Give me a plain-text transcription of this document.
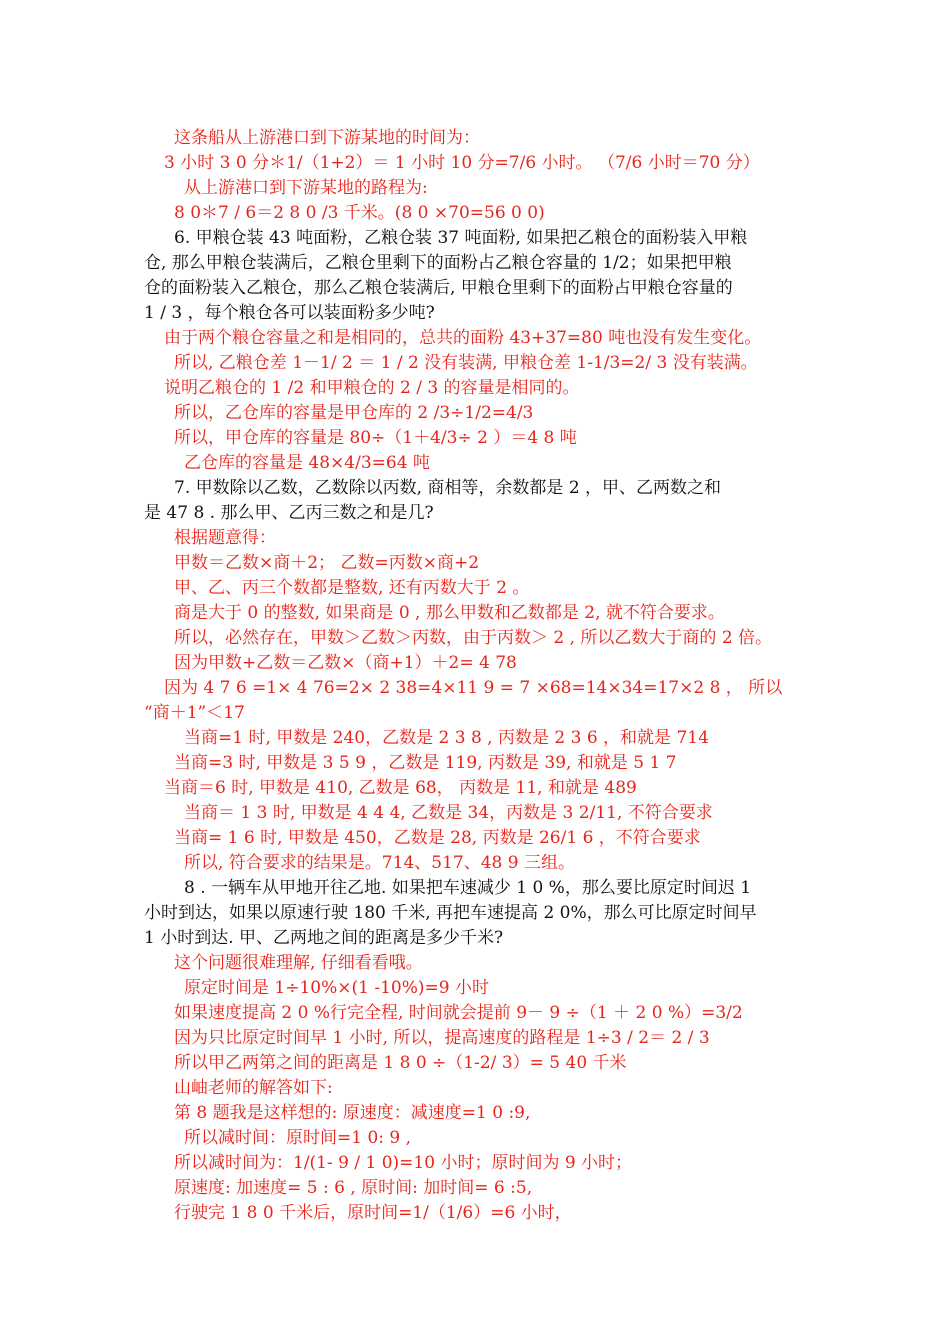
这条船从上游港口到下游某地的时间为：
3 小时 3 0 分＊1/（1+2）＝ 1 小时 10 分=7/6 小时。 （7/6 小时＝70 分）
从上游港口到下游某地的路程为:
8 0＊7 / 6＝2 8 0 /3 千米。(8 0 ×70=56 0 0)
6. 甲粮仓装 43 吨面粉，乙粮仓装 37 吨面粉, 如果把乙粮仓的面粉装入甲粮
仓, 那么甲粮仓装满后，乙粮仓里剩下的面粉占乙粮仓容量的 1/2；如果把甲粮
仓的面粉装入乙粮仓，那么乙粮仓装满后, 甲粮仓里剩下的面粉占甲粮仓容量的
1 / 3 ，每个粮仓各可以装面粉多少吨?
由于两个粮仓容量之和是相同的，总共的面粉 43+37=80 吨也没有发生变化。
所以, 乙粮仓差 1－1/ 2 ＝ 1 / 2 没有装满, 甲粮仓差 1-1/3=2/ 3 没有装满。
说明乙粮仓的 1 /2 和甲粮仓的 2 / 3 的容量是相同的。
所以，乙仓库的容量是甲仓库的 2 /3÷1/2=4/3
所以，甲仓库的容量是 80÷（1＋4/3÷ 2 ）＝4 8 吨
乙仓库的容量是 48×4/3=64 吨
7. 甲数除以乙数，乙数除以丙数, 商相等，余数都是 2 ，甲、乙两数之和
是 47 8 . 那么甲、乙丙三数之和是几?
根据题意得：
甲数＝乙数×商＋2； 乙数=丙数×商+2
甲、乙、丙三个数都是整数, 还有丙数大于 2 。
商是大于 0 的整数, 如果商是 0 , 那么甲数和乙数都是 2, 就不符合要求。
所以，必然存在，甲数＞乙数＞丙数，由于丙数＞ 2 , 所以乙数大于商的 2 倍。
因为甲数+乙数＝乙数×（商+1）＋2= 4 78
因为 4 7 6 =1× 4 76=2× 2 38=4×11 9 = 7 ×68=14×34=17×2 8 ， 所以
“商＋1”＜17
当商=1 时, 甲数是 240，乙数是 2 3 8 , 丙数是 2 3 6 ，和就是 714
当商=3 时, 甲数是 3 5 9 ，乙数是 119, 丙数是 39, 和就是 5 1 7
当商＝6 时, 甲数是 410, 乙数是 68， 丙数是 11, 和就是 489
当商＝ 1 3 时, 甲数是 4 4 4, 乙数是 34，丙数是 3 2/11, 不符合要求
当商= 1 6 时, 甲数是 450，乙数是 28, 丙数是 26/1 6 ，不符合要求
所以, 符合要求的结果是。714、517、48 9 三组。
8 . 一辆车从甲地开往乙地. 如果把车速减少 1 0 %，那么要比原定时间迟 1
小时到达，如果以原速行驶 180 千米, 再把车速提高 2 0%，那么可比原定时间早
1 小时到达. 甲、乙两地之间的距离是多少千米?
这个问题很难理解, 仔细看看哦。
原定时间是 1÷10%×(1 -10%)=9 小时
如果速度提高 2 0 %行完全程, 时间就会提前 9－ 9 ÷（1 ＋ 2 0 %）=3/2
因为只比原定时间早 1 小时, 所以，提高速度的路程是 1÷3 / 2＝ 2 / 3
所以甲乙两第之间的距离是 1 8 0 ÷（1-2/ 3）= 5 40 千米
山岫老师的解答如下:
第 8 题我是这样想的: 原速度：减速度=1 0 :9,
所以减时间：原时间=1 0: 9 ,
所以减时间为：1/(1- 9 / 1 0)=10 小时；原时间为 9 小时；
原速度: 加速度= 5 : 6 , 原时间: 加时间= 6 :5,
行驶完 1 8 0 千米后，原时间=1/（1/6）=6 小时，
